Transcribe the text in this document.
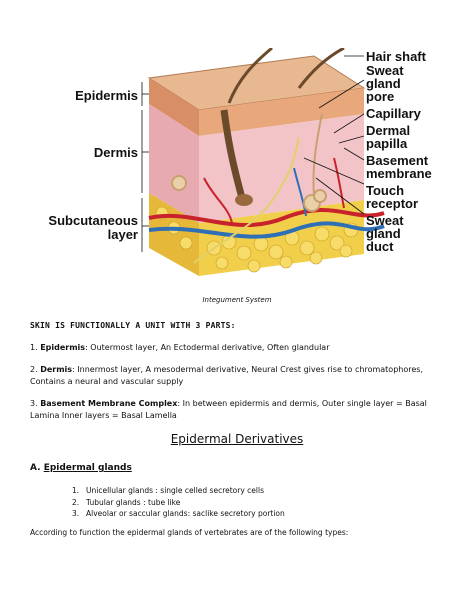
Epidermis
Dermis
Subcutaneous
layer
Hair shaft
Sweat
gland
pore
Capillary
Dermal
papilla
Basement
membrane
Touch
receptor
Sweat
gland
duct
Integument System
SKIN IS FUNCTIONALLY A UNIT WITH 3 PARTS:
1. Epidermis: Outermost layer, An Ectodermal derivative, Often glandular
2. Dermis: Innermost layer, A mesodermal derivative, Neural Crest gives rise to chromatophores,
Contains a neural and vascular supply
3. Basement Membrane Complex: In between epidermis and dermis, Outer single layer = Basal
Lamina Inner layers = Basal Lamella
Epidermal Derivatives
A. Epidermal glands
1. Unicellular glands : single celled secretory cells
2. Tubular glands : tube like
3. Alveolar or saccular glands: saclike secretory portion
According to function the epidermal glands of vertebrates are of the following types:
